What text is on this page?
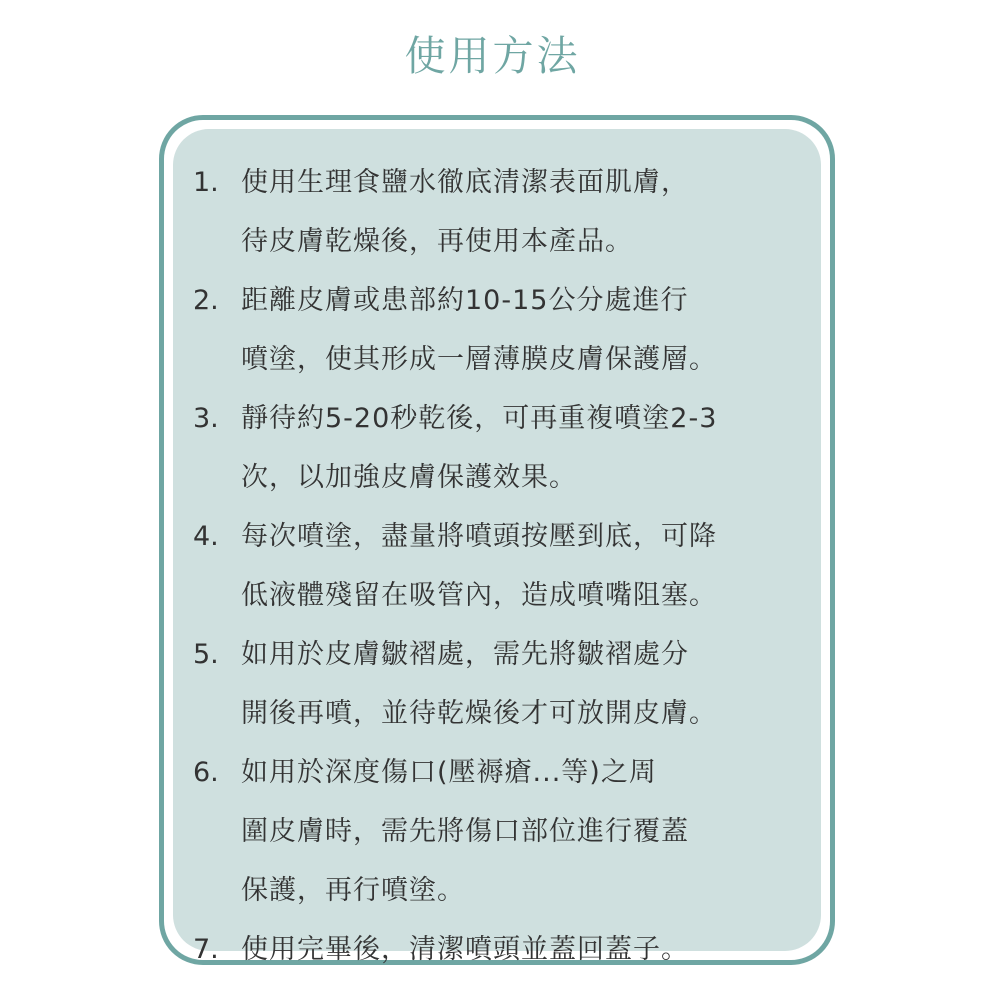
使用方法
1. 使用生理食鹽水徹底清潔表面肌膚，
待皮膚乾燥後，再使用本產品。
2. 距離皮膚或患部約10-15公分處進行
噴塗，使其形成一層薄膜皮膚保護層。
3. 靜待約5-20秒乾後，可再重複噴塗2-3
次，以加強皮膚保護效果。
4. 每次噴塗，盡量將噴頭按壓到底，可降
低液體殘留在吸管內，造成噴嘴阻塞。
5. 如用於皮膚皺褶處，需先將皺褶處分
開後再噴，並待乾燥後才可放開皮膚。
6. 如用於深度傷口(壓褥瘡...等)之周
圍皮膚時，需先將傷口部位進行覆蓋
保護，再行噴塗。
7. 使用完畢後，清潔噴頭並蓋回蓋子。
